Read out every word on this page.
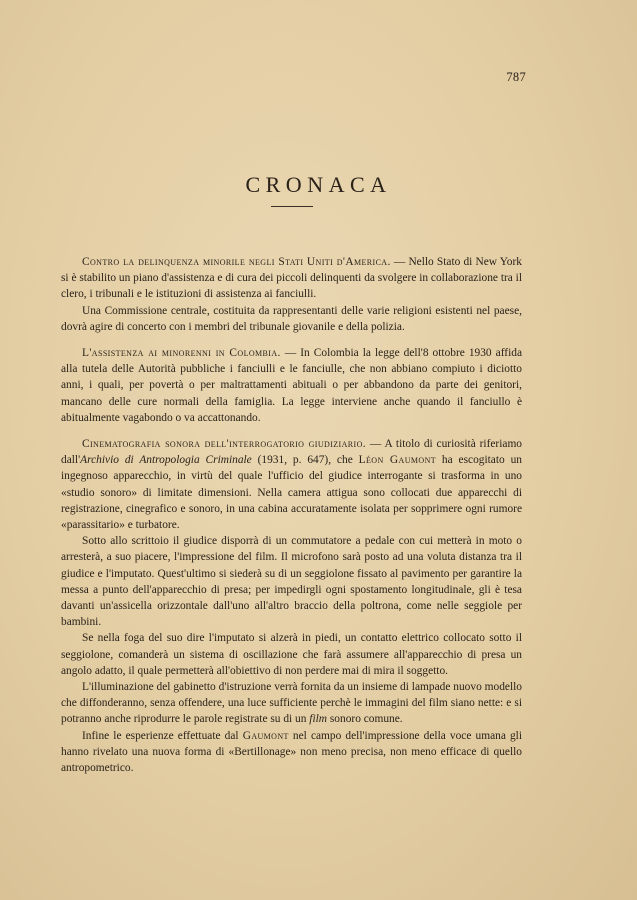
787
CRONACA

Contro la delinquenza minorile negli Stati Uniti d'America. — Nello Stato di New York si è stabilito un piano d'assistenza e di cura dei piccoli delinquenti da svolgere in collaborazione tra il clero, i tribunali e le istituzioni di assistenza ai fanciulli.

Una Commissione centrale, costituita da rappresentanti delle varie religioni esistenti nel paese, dovrà agire di concerto con i membri del tribunale giovanile e della polizia.

L'assistenza ai minorenni in Colombia. — In Colombia la legge dell'8 ottobre 1930 affida alla tutela delle Autorità pubbliche i fanciulli e le fanciulle, che non abbiano compiuto i diciotto anni, i quali, per povertà o per maltrattamenti abituali o per abbandono da parte dei genitori, mancano delle cure normali della famiglia. La legge interviene anche quando il fanciullo è abitualmente vagabondo o va accattonando.

Cinematografia sonora dell'interrogatorio giudiziario. — A titolo di curiosità riferiamo dall'Archivio di Antropologia Criminale (1931, p. 647), che Léon Gaumont ha escogitato un ingegnoso apparecchio, in virtù del quale l'ufficio del giudice interrogante si trasforma in uno «studio sonoro» di limitate dimensioni. Nella camera attigua sono collocati due apparecchi di registrazione, cinegrafico e sonoro, in una cabina accuratamente isolata per sopprimere ogni rumore «parassitario» e turbatore.

Sotto allo scrittoio il giudice disporrà di un commutatore a pedale con cui metterà in moto o arresterà, a suo piacere, l'impressione del film. Il microfono sarà posto ad una voluta distanza tra il giudice e l'imputato. Quest'ultimo si siederà su di un seggiolone fissato al pavimento per garantire la messa a punto dell'apparecchio di presa; per impedirgli ogni spostamento longitudinale, gli è tesa davanti un'assicella orizzontale dall'uno all'altro braccio della poltrona, come nelle seggiole per bambini.

Se nella foga del suo dire l'imputato si alzerà in piedi, un contatto elettrico collocato sotto il seggiolone, comanderà un sistema di oscillazione che farà assumere all'apparecchio di presa un angolo adatto, il quale permetterà all'obiettivo di non perdere mai di mira il soggetto.

L'illuminazione del gabinetto d'istruzione verrà fornita da un insieme di lampade nuovo modello che diffonderanno, senza offendere, una luce sufficiente perchè le immagini del film siano nette: e si potranno anche riprodurre le parole registrate su di un film sonoro comune.

Infine le esperienze effettuate dal Gaumont nel campo dell'impressione della voce umana gli hanno rivelato una nuova forma di «Bertillonage» non meno precisa, non meno efficace di quello antropometrico.
